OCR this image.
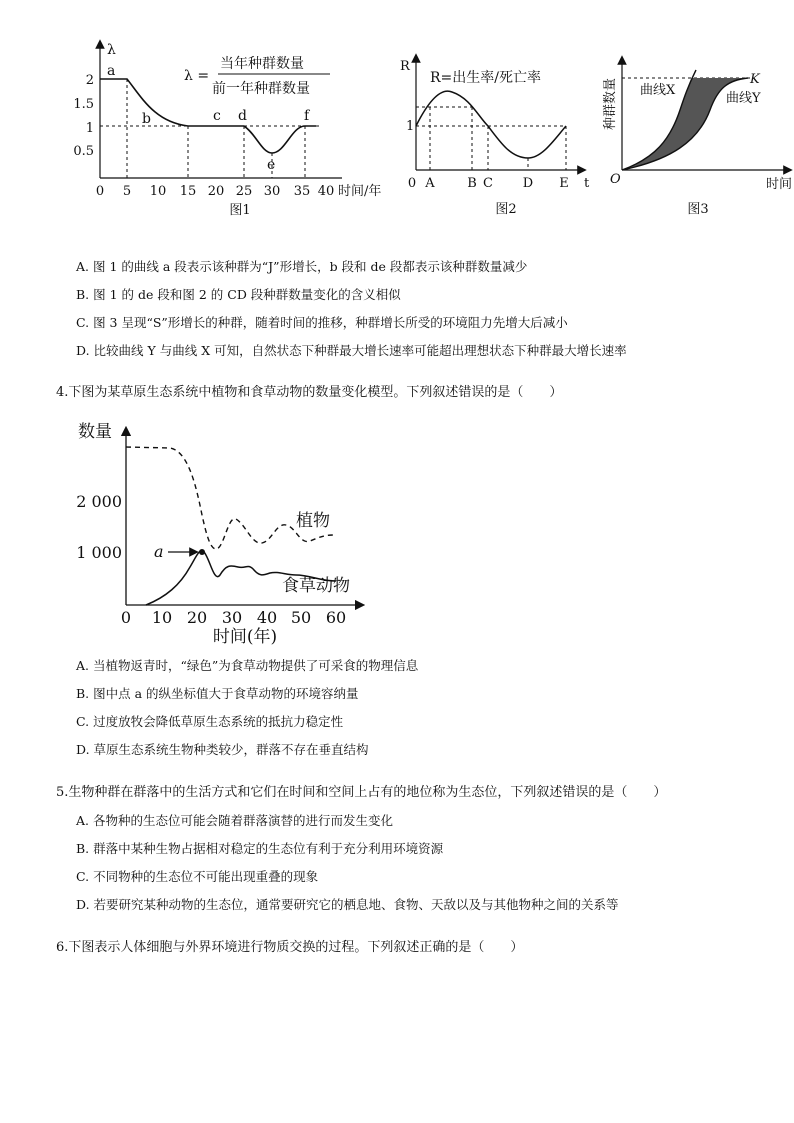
λ
2
1.5
1
0.5
a
b	c d
e
f
λ =
当年种群数量
前一年种群数量
0 5 10 15 20 25 30 35 40 时间/年
图1
R
R=出生率/死亡率
1
0 A	B C D E t
图2
种群数量
O	时间
K
曲线X
曲线Y
图3
A. 图 1 的曲线 a 段表示该种群为“J”形增长，b 段和 de 段都表示该种群数量减少
B. 图 1 的 de 段和图 2 的 CD 段种群数量变化的含义相似
C. 图 3 呈现“S”形增长的种群，随着时间的推移，种群增长所受的环境阻力先增大后减小
D. 比较曲线 Y 与曲线 X 可知，自然状态下种群最大增长速率可能超出理想状态下种群最大增长速率
4.下图为某草原生态系统中植物和食草动物的数量变化模型。下列叙述错误的是（　　）
数量
2 000
1 000 a
植物
食草动物
0 10 20 30 40 50 60
时间(年)
A. 当植物返青时，“绿色”为食草动物提供了可采食的物理信息
B. 图中点 a 的纵坐标值大于食草动物的环境容纳量
C. 过度放牧会降低草原生态系统的抵抗力稳定性
D. 草原生态系统生物种类较少，群落不存在垂直结构
5.生物种群在群落中的生活方式和它们在时间和空间上占有的地位称为生态位，下列叙述错误的是（　　）
A. 各物种的生态位可能会随着群落演替的进行而发生变化
B. 群落中某种生物占据相对稳定的生态位有利于充分利用环境资源
C. 不同物种的生态位不可能出现重叠的现象
D. 若要研究某种动物的生态位，通常要研究它的栖息地、食物、天敌以及与其他物种之间的关系等
6.下图表示人体细胞与外界环境进行物质交换的过程。下列叙述正确的是（　　）
